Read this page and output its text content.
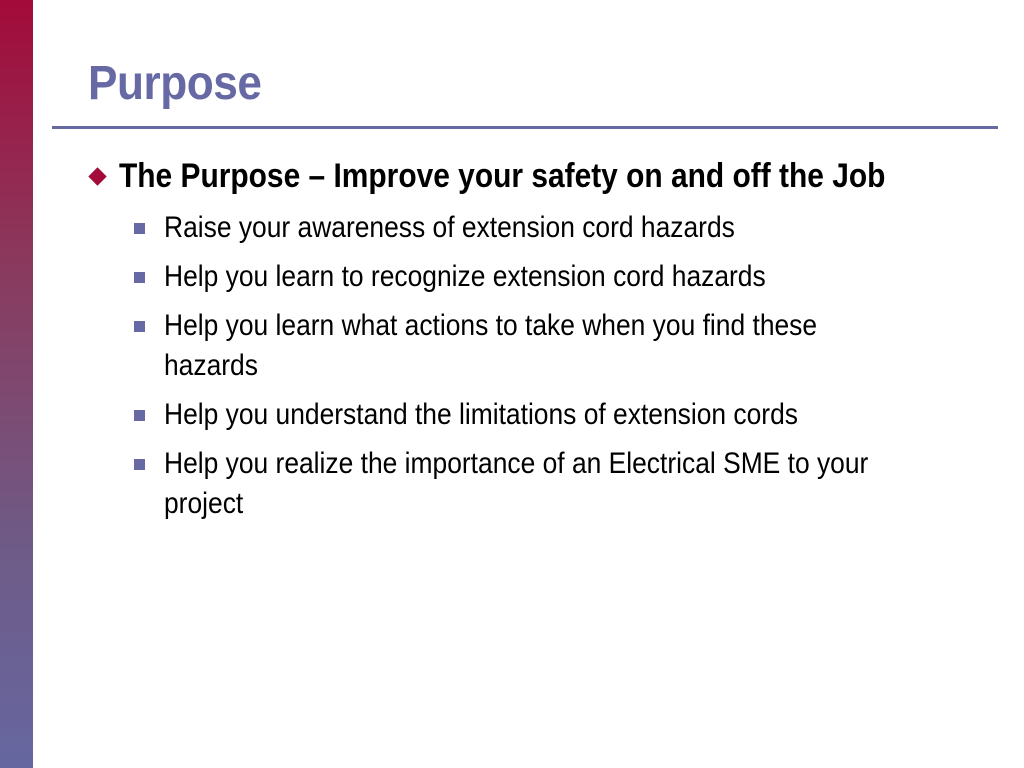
Purpose
The Purpose – Improve your safety on and off the Job
Raise your awareness of extension cord hazards
Help you learn to recognize extension cord hazards
Help you learn what actions to take when you find these hazards
Help you understand the limitations of extension cords
Help you realize the importance of an Electrical SME to your project
